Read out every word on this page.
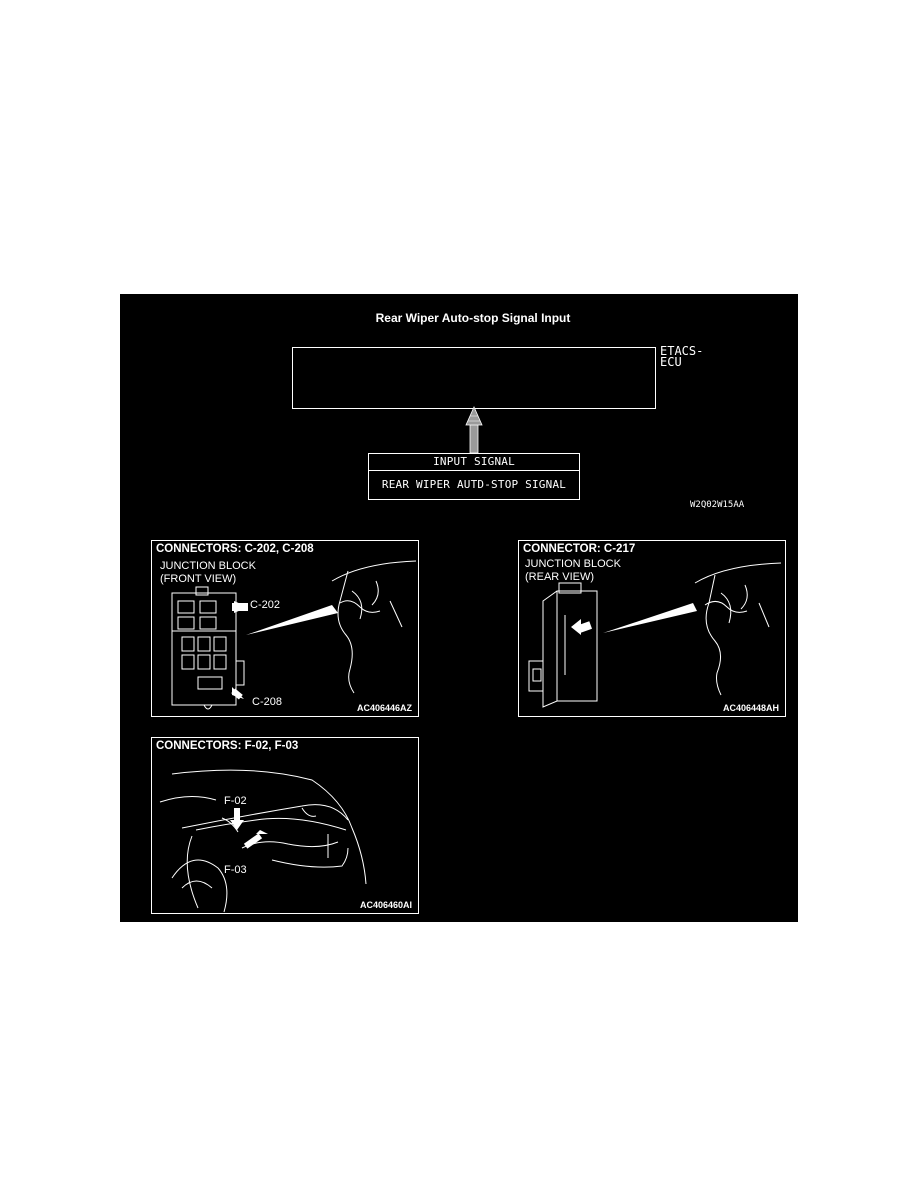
Rear Wiper Auto-stop Signal Input
ETACS-
ECU
INPUT SIGNAL
REAR WIPER AUTD-STOP SIGNAL
W2Q02W15AA
CONNECTORS: C-202, C-208
JUNCTION BLOCK
(FRONT VIEW)
C-202
C-208	AC406446AZ
CONNECTOR: C-217
JUNCTION BLOCK
(REAR VIEW)
AC406448AH
CONNECTORS: F-02, F-03
F-02
F-03
AC406460AI
